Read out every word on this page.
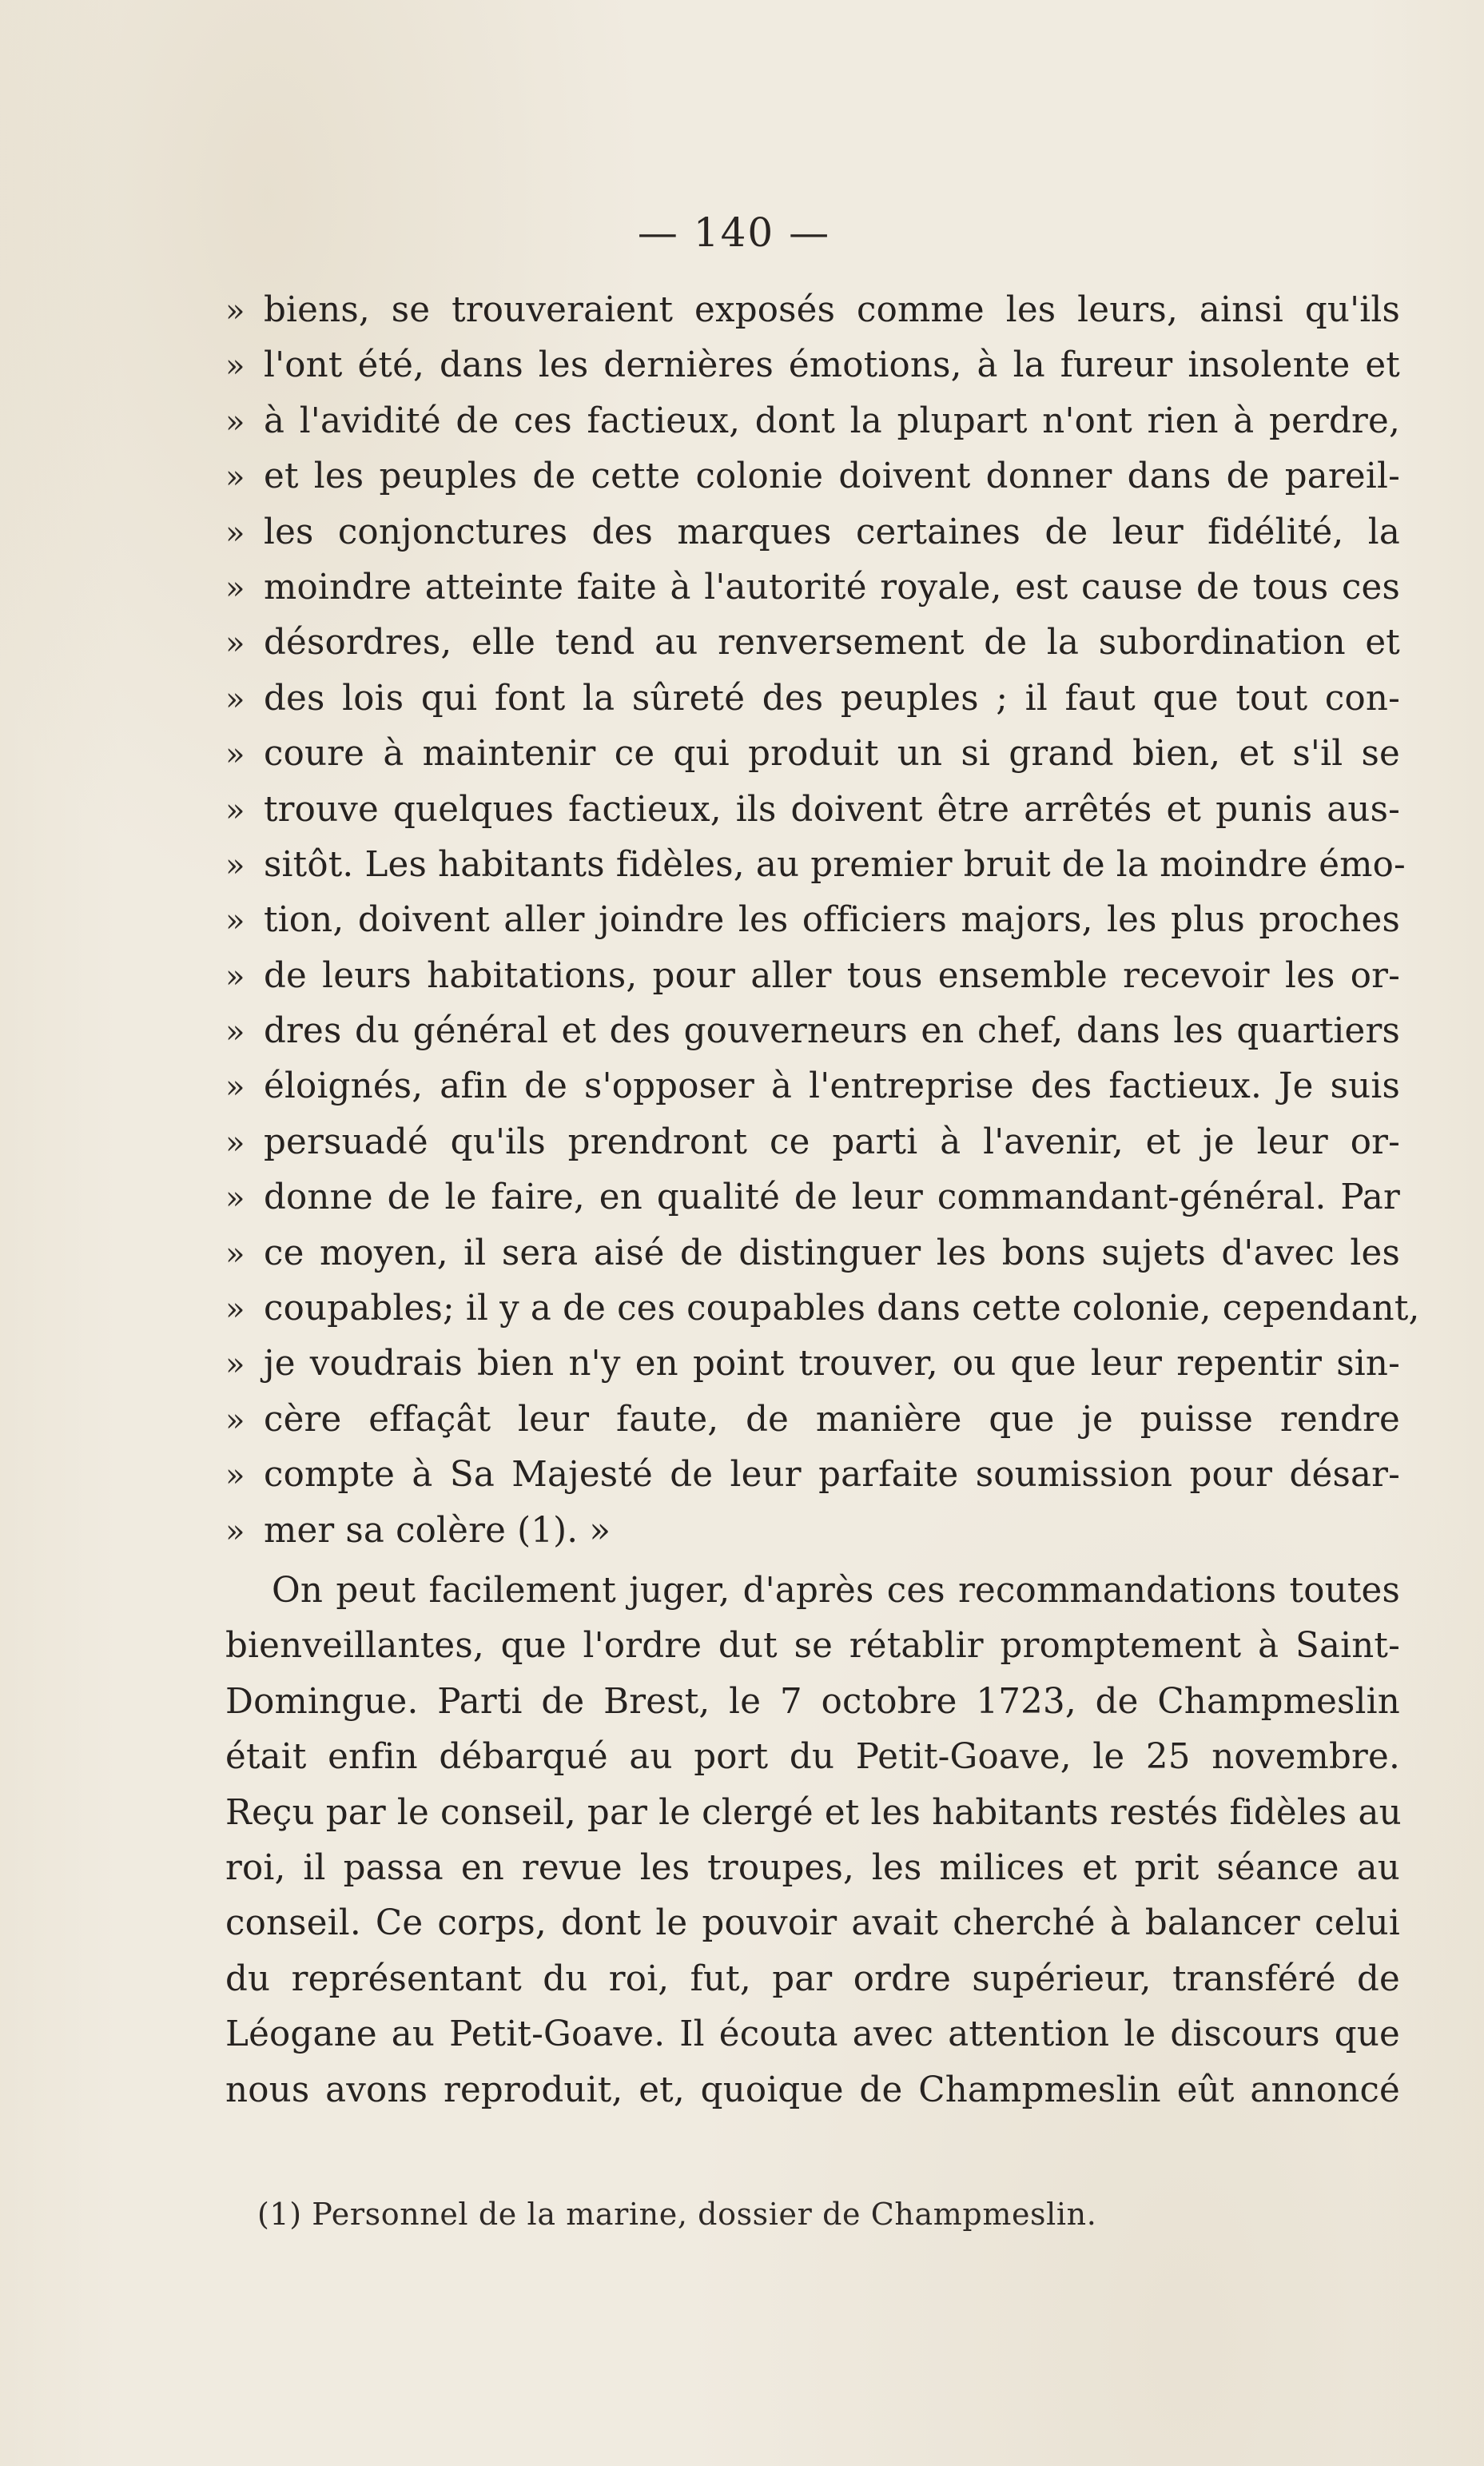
— 140 —
» biens, se trouveraient exposés comme les leurs, ainsi qu'ils
» l'ont été, dans les dernières émotions, à la fureur insolente et
» à l'avidité de ces factieux, dont la plupart n'ont rien à perdre,
» et les peuples de cette colonie doivent donner dans de pareil-
» les conjonctures des marques certaines de leur fidélité, la
» moindre atteinte faite à l'autorité royale, est cause de tous ces
» désordres, elle tend au renversement de la subordination et
» des lois qui font la sûreté des peuples ; il faut que tout con-
» coure à maintenir ce qui produit un si grand bien, et s'il se
» trouve quelques factieux, ils doivent être arrêtés et punis aus-
» sitôt. Les habitants fidèles, au premier bruit de la moindre émo-
» tion, doivent aller joindre les officiers majors, les plus proches
» de leurs habitations, pour aller tous ensemble recevoir les or-
» dres du général et des gouverneurs en chef, dans les quartiers
» éloignés, afin de s'opposer à l'entreprise des factieux. Je suis
» persuadé qu'ils prendront ce parti à l'avenir, et je leur or-
» donne de le faire, en qualité de leur commandant-général. Par
» ce moyen, il sera aisé de distinguer les bons sujets d'avec les
» coupables; il y a de ces coupables dans cette colonie, cependant,
» je voudrais bien n'y en point trouver, ou que leur repentir sin-
» cère effaçât leur faute, de manière que je puisse rendre
» compte à Sa Majesté de leur parfaite soumission pour désar-
» mer sa colère (1). »
On peut facilement juger, d'après ces recommandations toutes
bienveillantes, que l'ordre dut se rétablir promptement à Saint-
Domingue. Parti de Brest, le 7 octobre 1723, de Champmeslin
était enfin débarqué au port du Petit-Goave, le 25 novembre.
Reçu par le conseil, par le clergé et les habitants restés fidèles au
roi, il passa en revue les troupes, les milices et prit séance au
conseil. Ce corps, dont le pouvoir avait cherché à balancer celui
du représentant du roi, fut, par ordre supérieur, transféré de
Léogane au Petit-Goave. Il écouta avec attention le discours que
nous avons reproduit, et, quoique de Champmeslin eût annoncé
(1) Personnel de la marine, dossier de Champmeslin.
